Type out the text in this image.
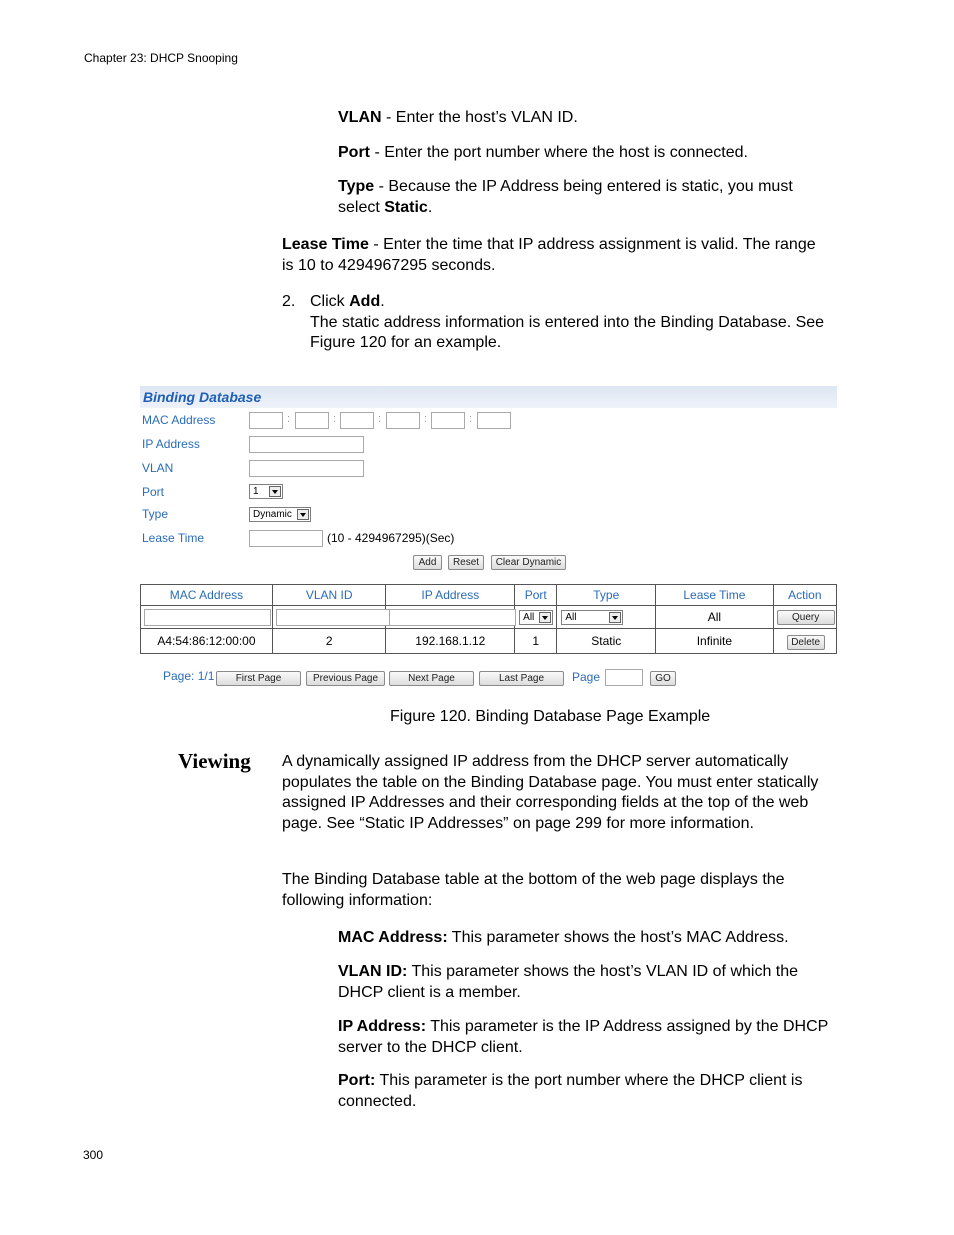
Chapter 23: DHCP Snooping
VLAN - Enter the host’s VLAN ID.
Port - Enter the port number where the host is connected.
Type - Because the IP Address being entered is static, you must select Static.
Lease Time - Enter the time that IP address assignment is valid. The range is 10 to 4294967295 seconds.
2. Click Add.
The static address information is entered into the Binding Database. See Figure 120 for an example.
Binding Database
MAC Address	:	:	:	:	:
IP Address
VLAN
Port	1
Type	Dynamic
Lease Time	(10 - 4294967295)(Sec)
Add	Reset	Clear Dynamic
MAC Address	VLAN ID	IP Address	Port	Type	Lease Time	Action

			All	All	All	Query

A4:54:86:12:00:00	2	192.168.1.12	1	Static	Infinite	Delete
Page: 1/1	First Page	Previous Page	Next Page	Last Page	Page	GO
Figure 120. Binding Database Page Example
Viewing A dynamically assigned IP address from the DHCP server automatically populates the table on the Binding Database page. You must enter statically assigned IP Addresses and their corresponding fields at the top of the web page. See “Static IP Addresses” on page 299 for more information.
The Binding Database table at the bottom of the web page displays the following information:
MAC Address: This parameter shows the host’s MAC Address.
VLAN ID: This parameter shows the host’s VLAN ID of which the DHCP client is a member.
IP Address: This parameter is the IP Address assigned by the DHCP server to the DHCP client.
Port: This parameter is the port number where the DHCP client is connected.
300
